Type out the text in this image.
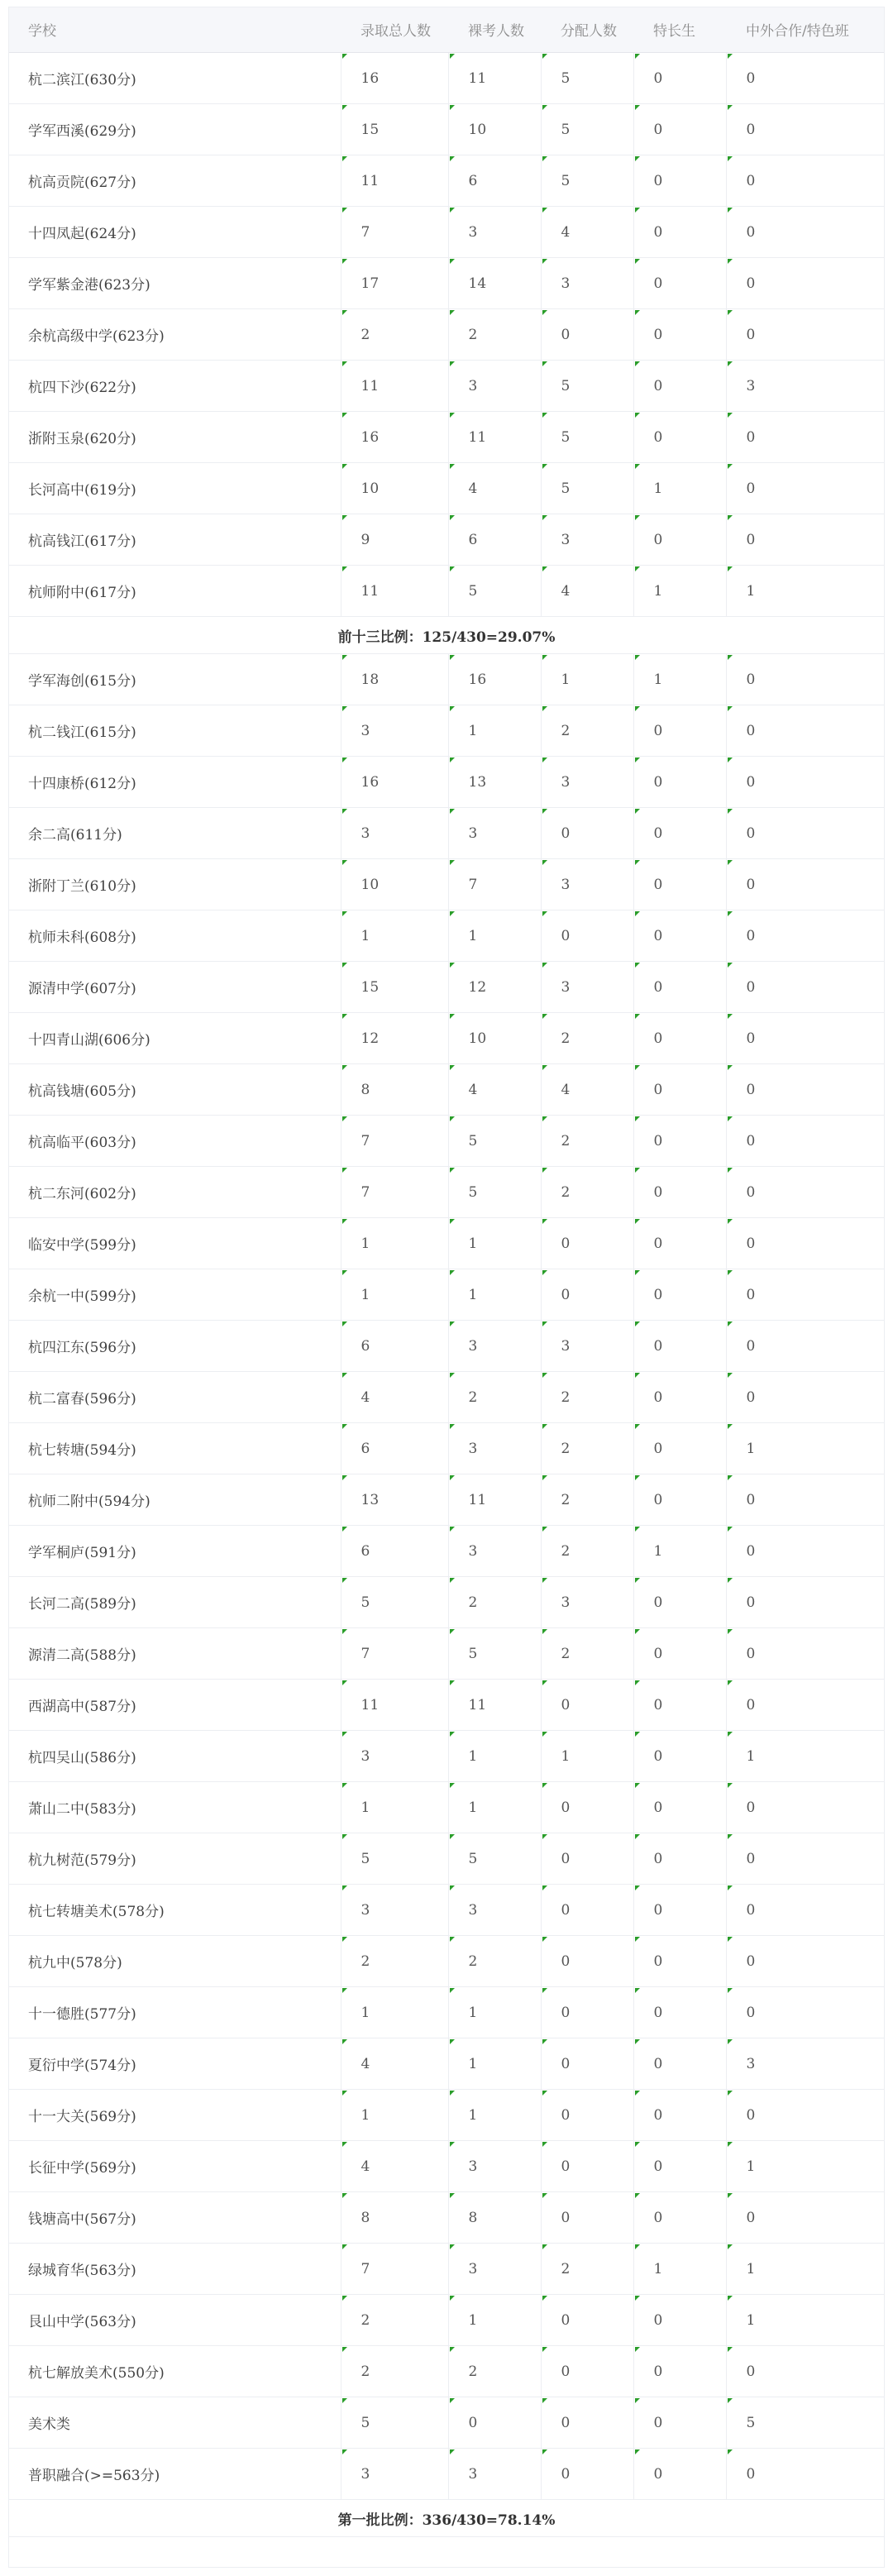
学校	录取总人数	裸考人数	分配人数	特长生	中外合作/特色班
杭二滨江(630分)	16	11	5	0	0
学军西溪(629分)	15	10	5	0	0
杭高贡院(627分)	11	6	5	0	0
十四凤起(624分)	7	3	4	0	0
学军紫金港(623分)	17	14	3	0	0
余杭高级中学(623分)	2	2	0	0	0
杭四下沙(622分)	11	3	5	0	3
浙附玉泉(620分)	16	11	5	0	0
长河高中(619分)	10	4	5	1	0
杭高钱江(617分)	9	6	3	0	0
杭师附中(617分)	11	5	4	1	1
前十三比例：125/430=29.07%					
学军海创(615分)	18	16	1	1	0
杭二钱江(615分)	3	1	2	0	0
十四康桥(612分)	16	13	3	0	0
余二高(611分)	3	3	0	0	0
浙附丁兰(610分)	10	7	3	0	0
杭师未科(608分)	1	1	0	0	0
源清中学(607分)	15	12	3	0	0
十四青山湖(606分)	12	10	2	0	0
杭高钱塘(605分)	8	4	4	0	0
杭高临平(603分)	7	5	2	0	0
杭二东河(602分)	7	5	2	0	0
临安中学(599分)	1	1	0	0	0
余杭一中(599分)	1	1	0	0	0
杭四江东(596分)	6	3	3	0	0
杭二富春(596分)	4	2	2	0	0
杭七转塘(594分)	6	3	2	0	1
杭师二附中(594分)	13	11	2	0	0
学军桐庐(591分)	6	3	2	1	0
长河二高(589分)	5	2	3	0	0
源清二高(588分)	7	5	2	0	0
西湖高中(587分)	11	11	0	0	0
杭四吴山(586分)	3	1	1	0	1
萧山二中(583分)	1	1	0	0	0
杭九树范(579分)	5	5	0	0	0
杭七转塘美术(578分)	3	3	0	0	0
杭九中(578分)	2	2	0	0	0
十一德胜(577分)	1	1	0	0	0
夏衍中学(574分)	4	1	0	0	3
十一大关(569分)	1	1	0	0	0
长征中学(569分)	4	3	0	0	1
钱塘高中(567分)	8	8	0	0	0
绿城育华(563分)	7	3	2	1	1
艮山中学(563分)	2	1	0	0	1
杭七解放美术(550分)	2	2	0	0	0
美术类	5	0	0	0	5
普职融合(>=563分)	3	3	0	0	0
第一批比例：336/430=78.14%					
